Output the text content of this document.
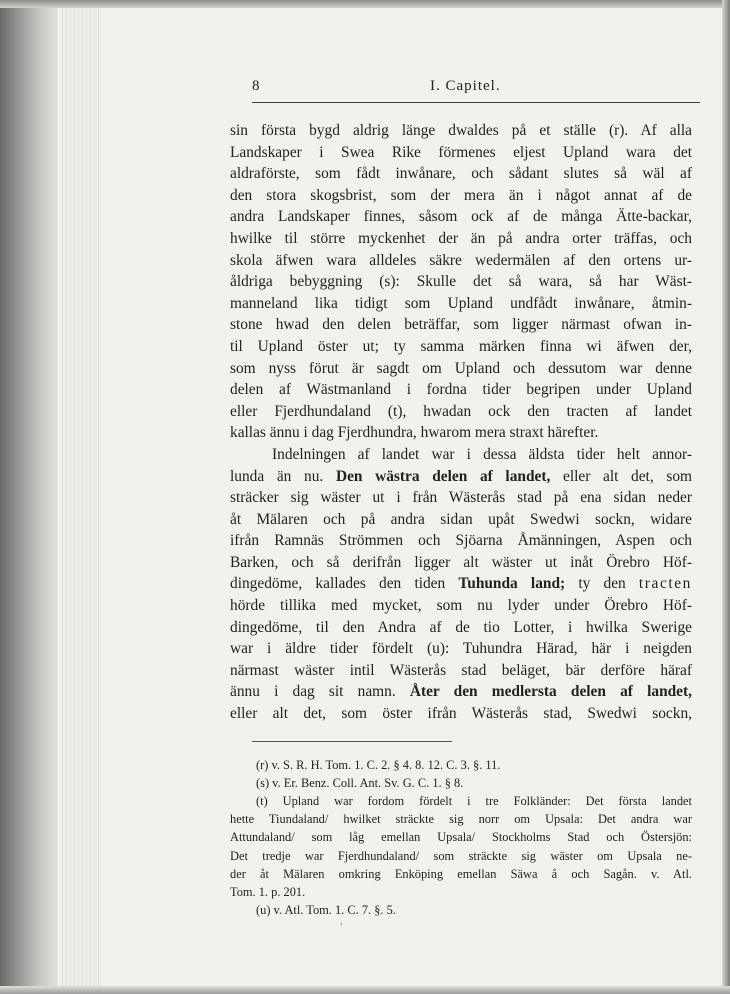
8	I. Capitel.
sin första bygd aldrig länge dwaldes på et ställe (r). Af alla
Landskaper i Swea Rike förmenes eljest Upland wara det
aldraförste, som fådt inwånare, och sådant slutes så wäl af
den stora skogsbrist, som der mera än i något annat af de
andra Landskaper finnes, såsom ock af de många Ätte-backar,
hwilke til större myckenhet der än på andra orter träffas, och
skola äfwen wara alldeles säkre wedermälen af den ortens ur-
åldriga bebyggning (s): Skulle det så wara, så har Wäst-
manneland lika tidigt som Upland undfådt inwånare, åtmin-
stone hwad den delen beträffar, som ligger närmast ofwan in-
til Upland öster ut; ty samma märken finna wi äfwen der,
som nyss förut är sagdt om Upland och dessutom war denne
delen af Wästmanland i fordna tider begripen under Upland
eller Fjerdhundaland (t), hwadan ock den tracten af landet
kallas ännu i dag Fjerdhundra, hwarom mera straxt härefter.
Indelningen af landet war i dessa äldsta tider helt annor-
lunda än nu. Den wästra delen af landet, eller alt det, som
sträcker sig wäster ut i från Wästerås stad på ena sidan neder
åt Mälaren och på andra sidan upåt Swedwi sockn, widare
ifrån Ramnäs Strömmen och Sjöarna Åmänningen, Aspen och
Barken, och så derifrån ligger alt wäster ut inåt Örebro Höf-
dingedöme, kallades den tiden Tuhunda land; ty den tracten
hörde tillika med mycket, som nu lyder under Örebro Höf-
dingedöme, til den Andra af de tio Lotter, i hwilka Swerige
war i äldre tider fördelt (u): Tuhundra Härad, här i neigden
närmast wäster intil Wästerås stad beläget, bär derföre häraf
ännu i dag sit namn. Åter den medlersta delen af landet,
eller alt det, som öster ifrån Wästerås stad, Swedwi sockn,
(r) v. S. R. H. Tom. 1. C. 2. § 4. 8. 12. C. 3. §. 11.
(s) v. Er. Benz. Coll. Ant. Sv. G. C. 1. § 8.
(t) Upland war fordom fördelt i tre Folkländer: Det första landet
hette Tiundaland/ hwilket sträckte sig norr om Upsala: Det andra war
Attundaland/ som låg emellan Upsala/ Stockholms Stad och Östersjön:
Det tredje war Fjerdhundaland/ som sträckte sig wäster om Upsala ne-
der åt Mälaren omkring Enköping emellan Säwa å och Sagån. v. Atl.
Tom. 1. p. 201.
(u) v. Atl. Tom. 1. C. 7. §. 5.
,
